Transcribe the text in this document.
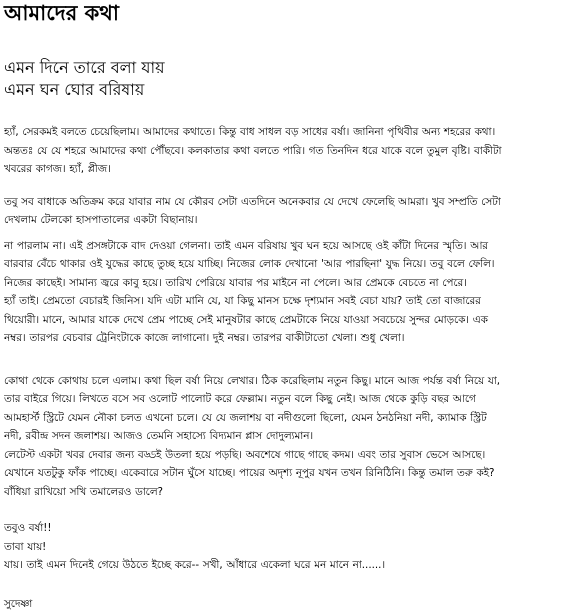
আমাদের কথা
এমন দিনে তারে বলা যায়
এমন ঘন ঘোর বরিষায়
হ্যাঁ, সেরকমই বলতে চেয়েছিলাম। আমাদের কথাতে। কিন্তু বাধ সাধল বড় সাধের বর্ষা। জানিনা পৃথিবীর অন্য শহরের কথা।
অন্ততঃ যে যে শহরে আমাদের কথা পৌঁছবে। কলকাতার কথা বলতে পারি। গত তিনদিন ধরে যাকে বলে তুমুল বৃষ্টি। বাকীটা
খবরের কাগজ। হ্যাঁ, প্লীজ।
তবু সব বাধাকে অতিক্রম করে যাবার নাম যে কৌরব সেটা এতদিনে অনেকবার যে দেখে ফেলেছি আমরা। খুব সম্প্রতি সেটা
দেখলাম টেলকো হাসপাতালের একটা বিছানায়।
না পারলাম না। এই প্রসঙ্গটাকে বাদ দেওয়া গেলনা। তাই এমন বরিষায় খুব ঘন হয়ে আসছে ওই কাঁটা দিনের স্মৃতি। আর
বারবার বেঁচে থাকার ওই যুদ্ধের কাছে তুচ্ছ হয়ে যাচ্ছি। নিজের লোক দেখানো 'আর পারছিনা' যুদ্ধ নিয়ে। তবু বলে ফেলি।
নিজের কাছেই। সামান্য জ্বরে কাবু হয়ে। তারিখ পেরিয়ে যাবার পর মাইনে না পেলে। আর প্রেমকে বেচতে না পেরে।
হ্যাঁ তাই। প্রেমতো বেচারই জিনিস। যদি এটা মানি যে, যা কিছু মানস চক্ষে দৃশ্যমান সবই বেচা যায়? তাই তো বাজারের
থিয়োরী। মানে, আমার যাকে দেখে প্রেম পাচ্ছে সেই মানুষটার কাছে প্রেমটাকে নিয়ে যাওয়া সবচেয়ে সুন্দর মোড়কে। এক
নম্বর। তারপর বেচবার ট্রেনিংটাকে কাজে লাগানো। দুই নম্বর। তারপর বাকীটাতো খেলা। শুধু খেলা।
কোথা থেকে কোথায় চলে এলাম। কথা ছিল বর্ষা নিয়ে লেখার। ঠিক করেছিলাম নতুন কিছু। মানে আজ পর্যন্ত বর্ষা নিয়ে যা,
তার বাইরে গিয়ে। লিখতে বসে সব ওলোট পালোট করে ফেল্লাম। নতুন বলে কিছু নেই। আজ থেকে কুড়ি বছর আগে
আমহার্স্ট স্ট্রিটে যেমন নৌকা চলত এখনো চলে। যে যে জলাশয় বা নদীগুলো ছিলো, যেমন ঠনঠনিয়া নদী, ক্যামাক স্ট্রিট
নদী, রবীন্দ্র সদন জলাশয়। আজও তেমনি সহাস্যে বিদ্যমান প্লাস দোদুল্যমান।
লেটেস্ট একটা খবর দেবার জন্য বড্ডই উতলা হয়ে পড়ছি। অবশেষে গাছে গাছে কদম। এবং তার সুবাস ভেসে আসছে।
যেখানে যতটুকু ফাঁক পাচ্ছে। একেবারে সটান ঘুঁসে যাচ্ছে। পায়ের অদৃশ্য নূপুর যখন তখন রিনিঠিনি। কিন্তু তমাল তরু কই?
বাঁধিয়া রাখিয়ো সখি তমালেরও ডালে?
তবুও বর্ষা!!
তাবা যায়!
যায়। তাই এমন দিনেই গেয়ে উঠতে ইচ্ছে করে-- সখী, আঁধারে একেলা ঘরে মন মানে না......।
সুদেষ্ণা
